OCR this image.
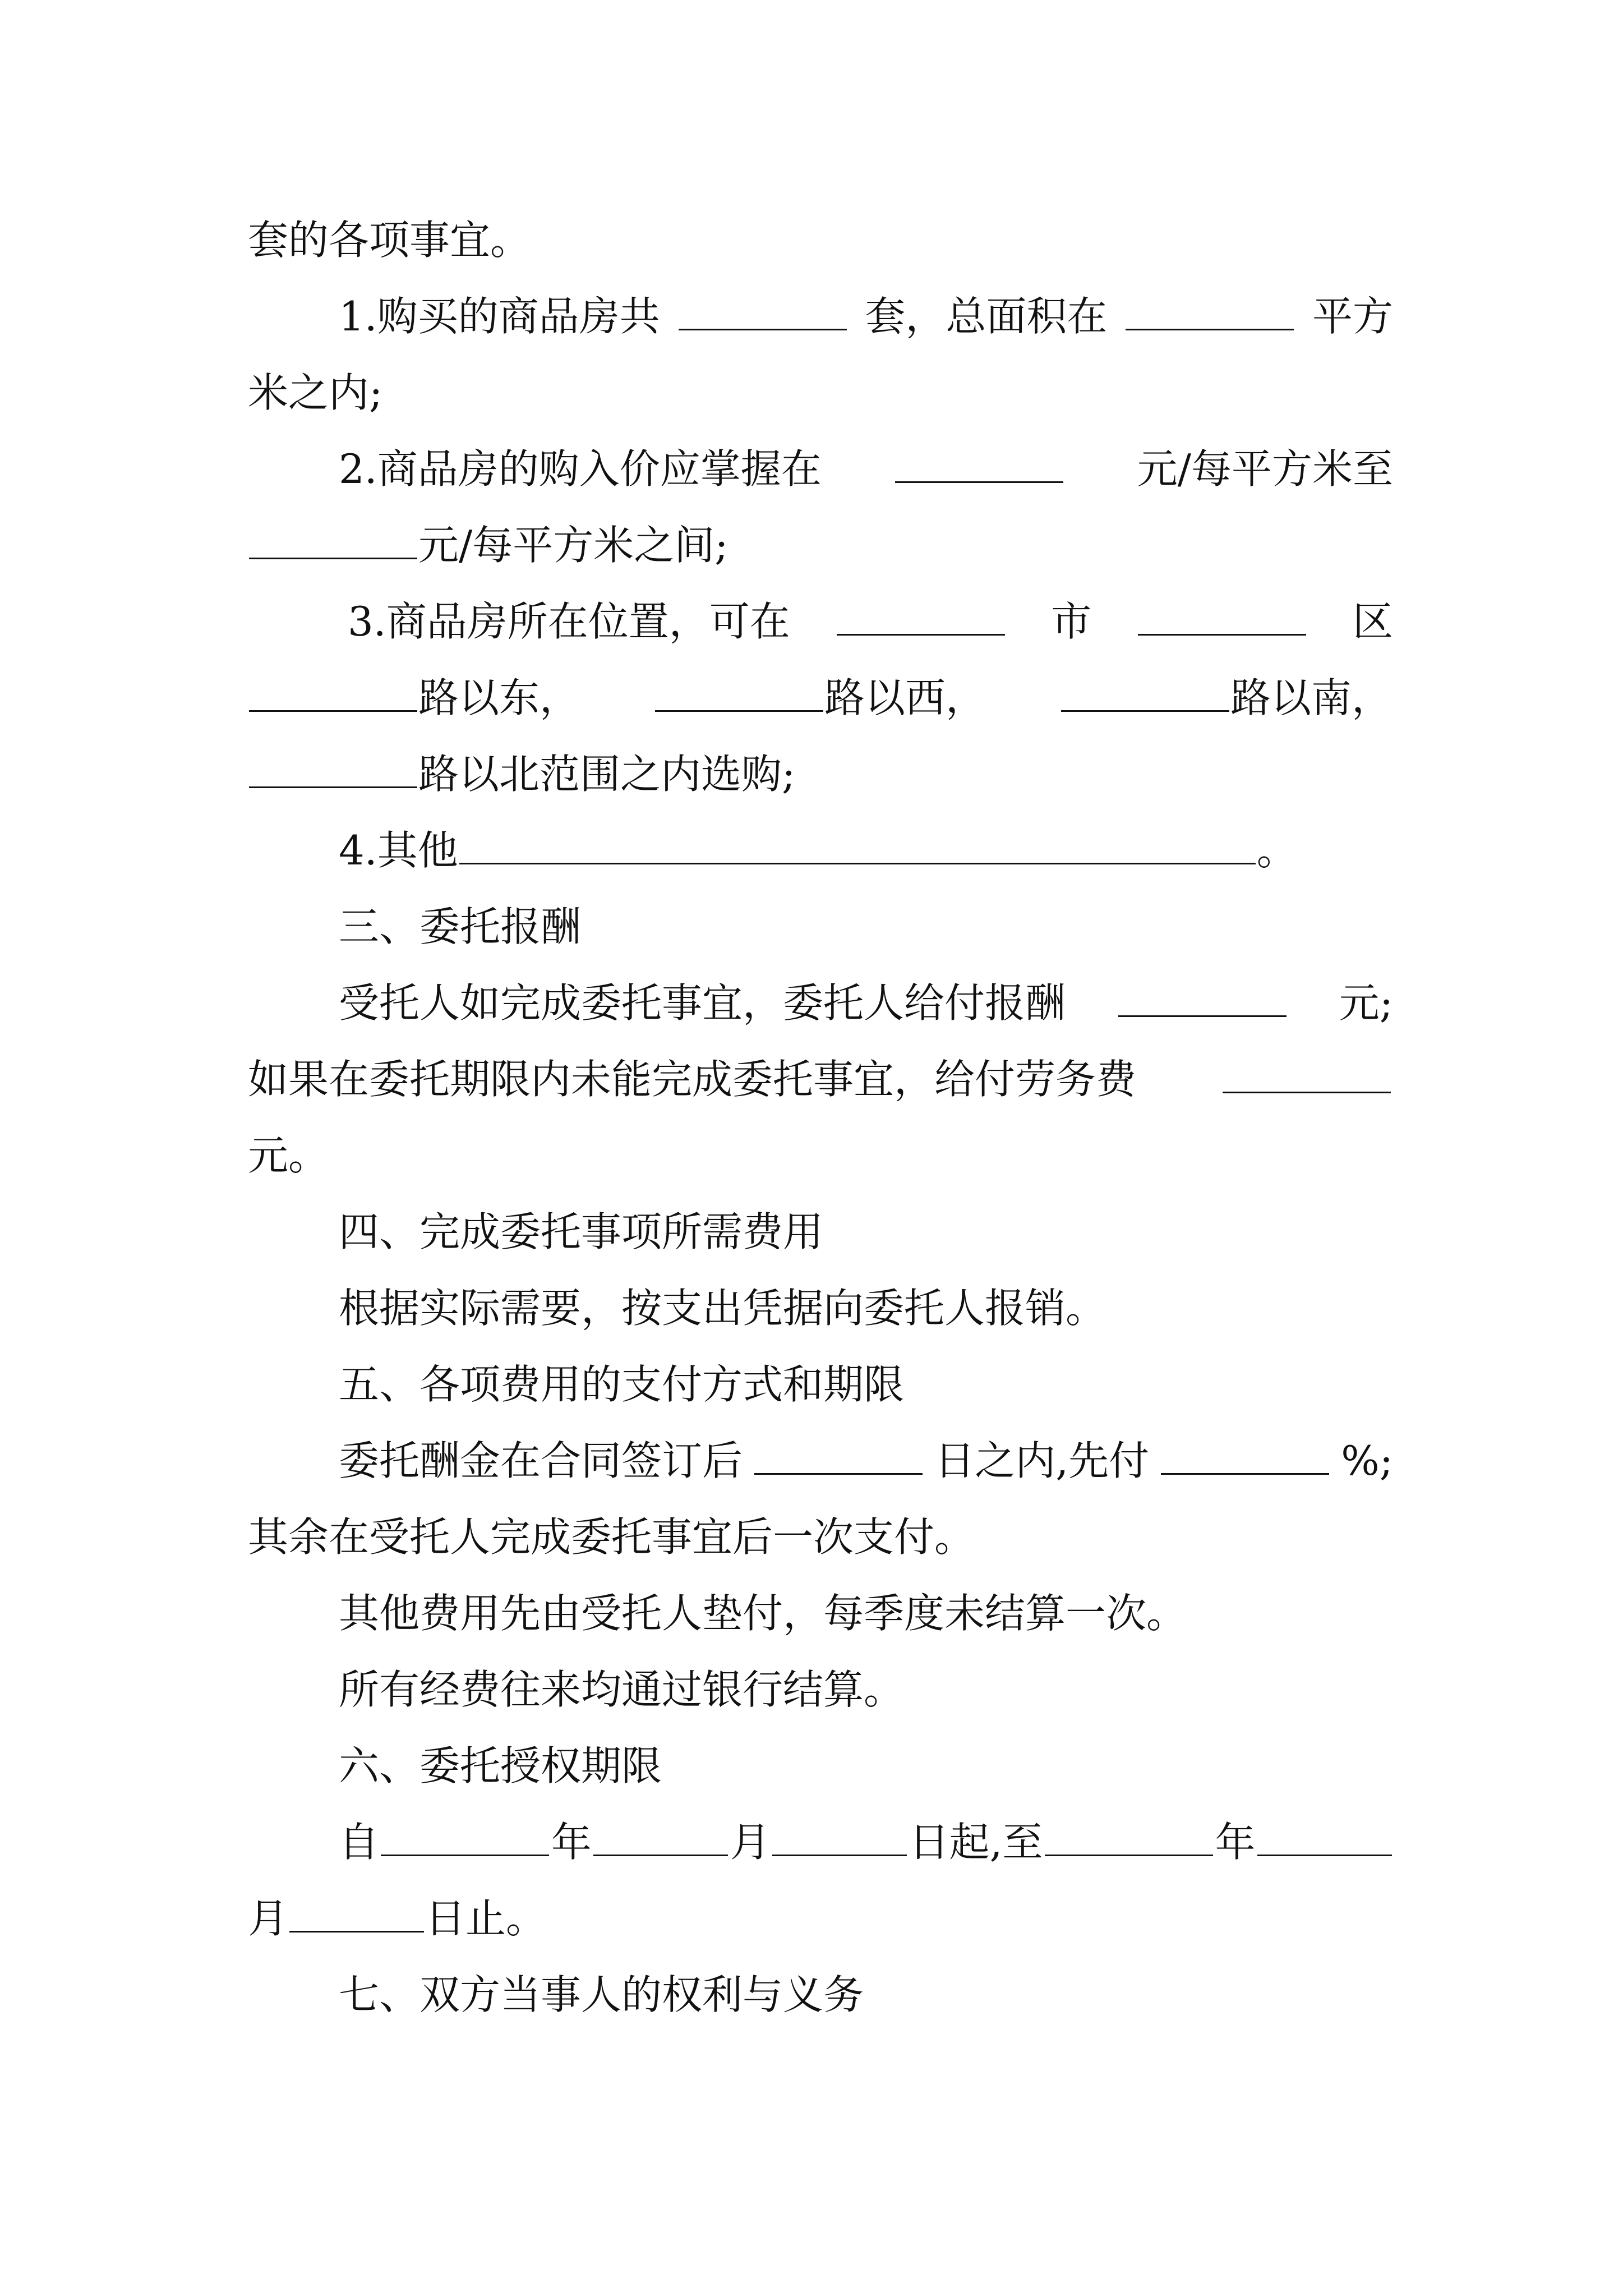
套的各项事宜。
1.购买的商品房共	套，总面积在	平方
米之内;
2.商品房的购入价应掌握在	元/每平方米至
元/每平方米之间;
3.商品房所在位置，可在	市	区
路以东，	路以西，	路以南，
路以北范围之内选购;
4.其他	。
三、委托报酬
受托人如完成委托事宜，委托人给付报酬	元;
如果在委托期限内未能完成委托事宜，给付劳务费
元。
四、完成委托事项所需费用
根据实际需要，按支出凭据向委托人报销。
五、各项费用的支付方式和期限
委托酬金在合同签订后	日之内,先付	%;
其余在受托人完成委托事宜后一次支付。
其他费用先由受托人垫付，每季度未结算一次。
所有经费往来均通过银行结算。
六、委托授权期限
自	年	月	日起,至	年
月	日止。
七、双方当事人的权利与义务
